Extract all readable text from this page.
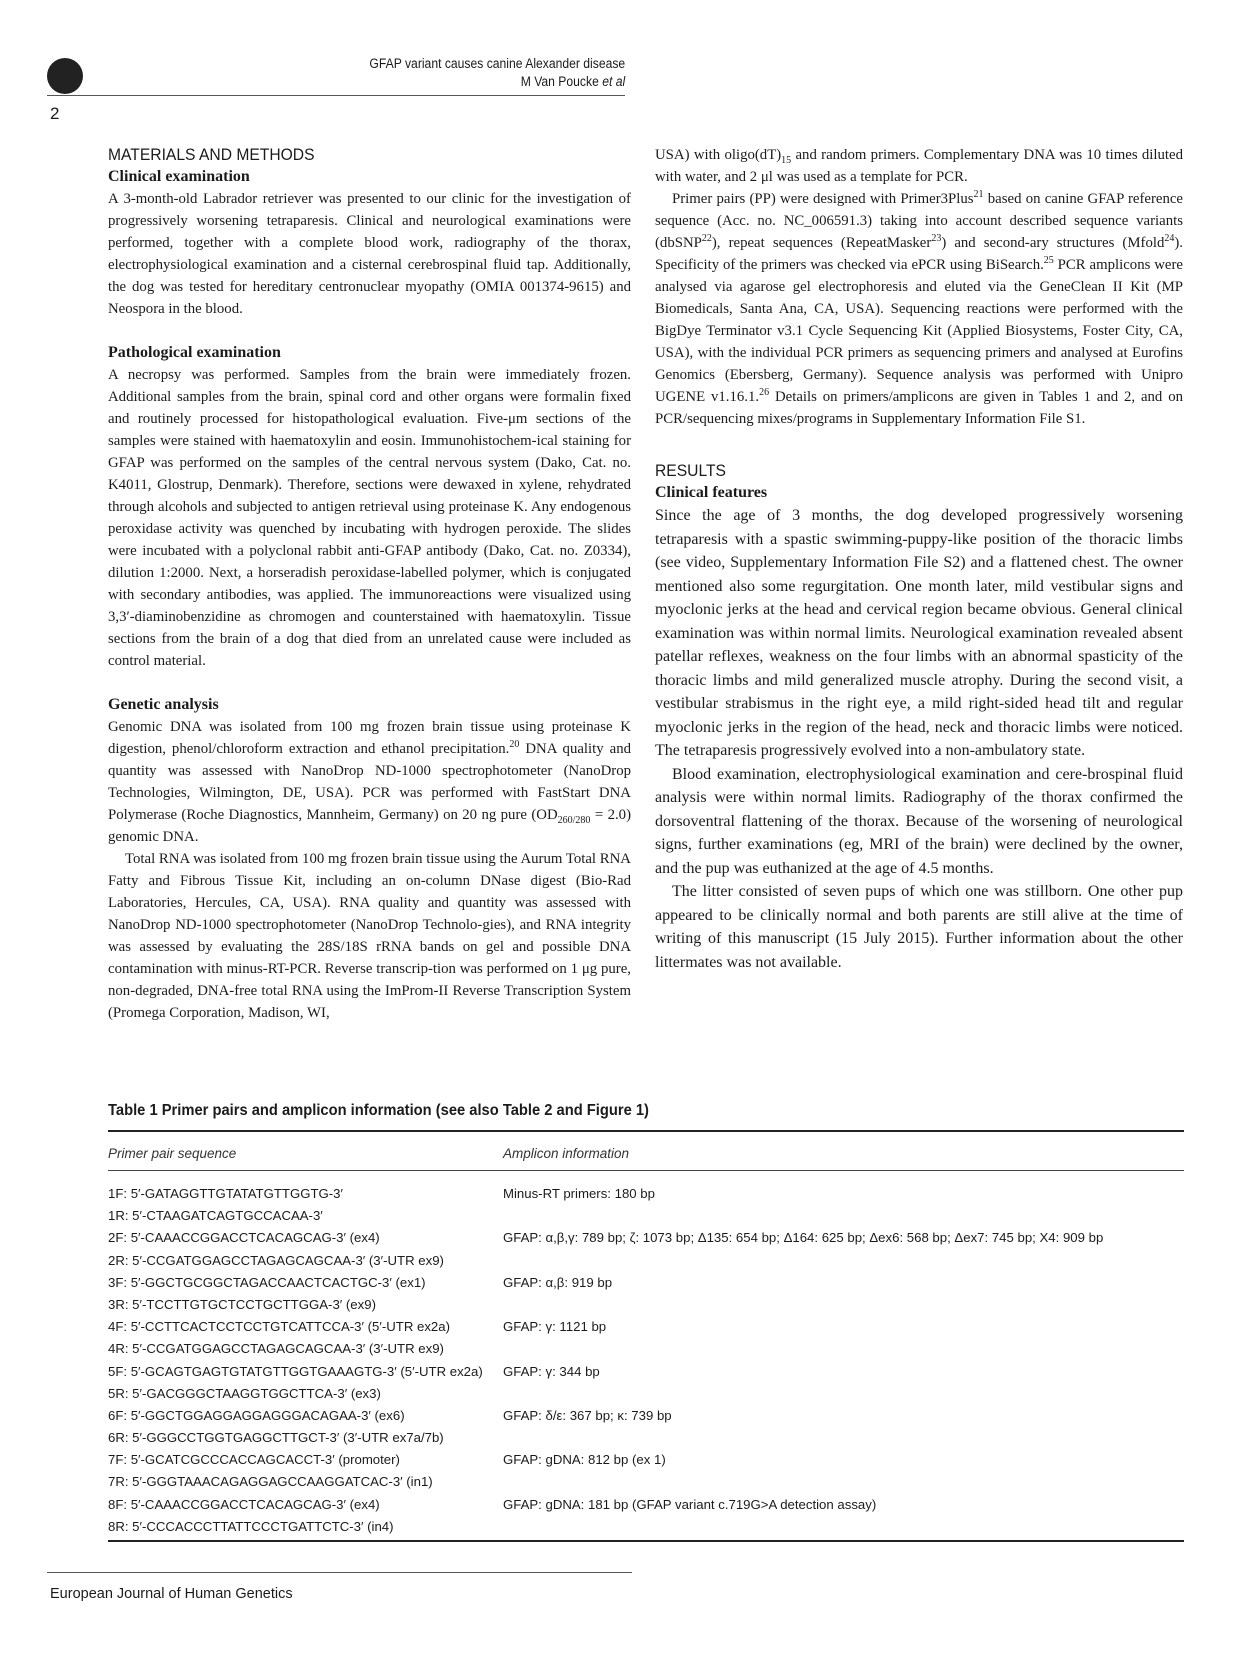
GFAP variant causes canine Alexander disease
M Van Poucke et al
2
MATERIALS AND METHODS
Clinical examination

A 3-month-old Labrador retriever was presented to our clinic for the investigation of progressively worsening tetraparesis. Clinical and neurological examinations were performed, together with a complete blood work, radiography of the thorax, electrophysiological examination and a cisternal cerebrospinal fluid tap. Additionally, the dog was tested for hereditary centronuclear myopathy (OMIA 001374-9615) and Neospora in the blood.

Pathological examination

A necropsy was performed. Samples from the brain were immediately frozen. Additional samples from the brain, spinal cord and other organs were formalin fixed and routinely processed for histopathological evaluation. Five-μm sections of the samples were stained with haematoxylin and eosin. Immunohistochem-ical staining for GFAP was performed on the samples of the central nervous system (Dako, Cat. no. K4011, Glostrup, Denmark). Therefore, sections were dewaxed in xylene, rehydrated through alcohols and subjected to antigen retrieval using proteinase K. Any endogenous peroxidase activity was quenched by incubating with hydrogen peroxide. The slides were incubated with a polyclonal rabbit anti-GFAP antibody (Dako, Cat. no. Z0334), dilution 1:2000. Next, a horseradish peroxidase-labelled polymer, which is conjugated with secondary antibodies, was applied. The immunoreactions were visualized using 3,3′-diaminobenzidine as chromogen and counterstained with haematoxylin. Tissue sections from the brain of a dog that died from an unrelated cause were included as control material.

Genetic analysis

Genomic DNA was isolated from 100 mg frozen brain tissue using proteinase K digestion, phenol/chloroform extraction and ethanol precipitation.$^{20}$ DNA quality and quantity was assessed with NanoDrop ND-1000 spectrophotometer (NanoDrop Technologies, Wilmington, DE, USA). PCR was performed with FastStart DNA Polymerase (Roche Diagnostics, Mannheim, Germany) on 20 ng pure $(OD_{260/280} = 2.0)$ genomic DNA.

Total RNA was isolated from 100 mg frozen brain tissue using the Aurum Total RNA Fatty and Fibrous Tissue Kit, including an on-column DNase digest (Bio-Rad Laboratories, Hercules, CA, USA). RNA quality and quantity was assessed with NanoDrop ND-1000 spectrophotometer (NanoDrop Technolo-gies), and RNA integrity was assessed by evaluating the 28S/18S rRNA bands on gel and possible DNA contamination with minus-RT-PCR. Reverse transcrip-tion was performed on 1 μg pure, non-degraded, DNA-free total RNA using the ImProm-II Reverse Transcription System (Promega Corporation, Madison, WI,

USA) with $oligo(dT)_{15}$ and random primers. Complementary DNA was 10 times diluted with water, and 2 μl was used as a template for PCR.

Primer pairs (PP) were designed with Primer3Plus$^{21}$ based on canine GFAP reference sequence (Acc. no. NC_006591.3) taking into account described sequence variants (dbSNP$^{22}$), repeat sequences (RepeatMasker$^{23}$) and second-ary structures (Mfold$^{24}$). Specificity of the primers was checked via ePCR using BiSearch.$^{25}$ PCR amplicons were analysed via agarose gel electrophoresis and eluted via the GeneClean II Kit (MP Biomedicals, Santa Ana, CA, USA). Sequencing reactions were performed with the BigDye Terminator v3.1 Cycle Sequencing Kit (Applied Biosystems, Foster City, CA, USA), with the individual PCR primers as sequencing primers and analysed at Eurofins Genomics (Ebersberg, Germany). Sequence analysis was performed with Unipro UGENE v1.16.1.26 Details on primers/amplicons are given in Tables 1 and 2, and on PCR/sequencing mixes/programs in Supplementary Information File S1.

RESULTS
Clinical features

Since the age of 3 months, the dog developed progressively worsening tetraparesis with a spastic swimming-puppy-like position of the thoracic limbs (see video, Supplementary Information File S2) and a flattened chest. The owner mentioned also some regurgitation. One month later, mild vestibular signs and myoclonic jerks at the head and cervical region became obvious. General clinical examination was within normal limits. Neurological examination revealed absent patellar reflexes, weakness on the four limbs with an abnormal spasticity of the thoracic limbs and mild generalized muscle atrophy. During the second visit, a vestibular strabismus in the right eye, a mild right-sided head tilt and regular myoclonic jerks in the region of the head, neck and thoracic limbs were noticed. The tetraparesis progressively evolved into a non-ambulatory state.

Blood examination, electrophysiological examination and cere-brospinal fluid analysis were within normal limits. Radiography of the thorax confirmed the dorsoventral flattening of the thorax. Because of the worsening of neurological signs, further examinations (eg, MRI of the brain) were declined by the owner, and the pup was euthanized at the age of 4.5 months.

The litter consisted of seven pups of which one was stillborn. One other pup appeared to be clinically normal and both parents are still alive at the time of writing of this manuscript (15 July 2015). Further information about the other littermates was not available.

Table 1 Primer pairs and amplicon information (see also Table 2 and Figure 1)
Primer pair sequence	Amplicon information
1F: 5′-GATAGGTTGTATATGTTGGTG-3′	Minus-RT primers: 180 bp
1R: 5′-CTAAGATCAGTGCCACAA-3′
2F: 5′-CAAACCGGACCTCACAGCAG-3′ (ex4)	GFAP: α,β,γ: 789 bp; ζ: 1073 bp; Δ135: 654 bp; Δ164: 625 bp; Δex6: 568 bp; Δex7: 745 bp; X4: 909 bp
2R: 5′-CCGATGGAGCCTAGAGCAGCAA-3′ (3′-UTR ex9)
3F: 5′-GGCTGCGGCTAGACCAACTCACTGC-3′ (ex1)	GFAP: α,β: 919 bp
3R: 5′-TCCTTGTGCTCCTGCTTGGA-3′ (ex9)
4F: 5′-CCTTCACTCCTCCTGTCATTCCA-3′ (5′-UTR ex2a)	GFAP: γ: 1121 bp
4R: 5′-CCGATGGAGCCTAGAGCAGCAA-3′ (3′-UTR ex9)
5F: 5′-GCAGTGAGTGTATGTTGGTGAAAGTG-3′ (5′-UTR ex2a)	GFAP: γ: 344 bp
5R: 5′-GACGGGCTAAGGTGGCTTCA-3′ (ex3)
6F: 5′-GGCTGGAGGAGGAGGGACAGAA-3′ (ex6)	GFAP: δ/ε: 367 bp; κ: 739 bp
6R: 5′-GGGCCTGGTGAGGCTTGCT-3′ (3′-UTR ex7a/7b)
7F: 5′-GCATCGCCCACCAGCACCT-3′ (promoter)	GFAP: gDNA: 812 bp (ex 1)
7R: 5′-GGGTAAACAGAGGAGCCAAGGATCAC-3′ (in1)
8F: 5′-CAAACCGGACCTCACAGCAG-3′ (ex4)	GFAP: gDNA: 181 bp (GFAP variant c.719G>A detection assay)
8R: 5′-CCCACCCTTATTCCCTGATTCTC-3′ (in4)
European Journal of Human Genetics
